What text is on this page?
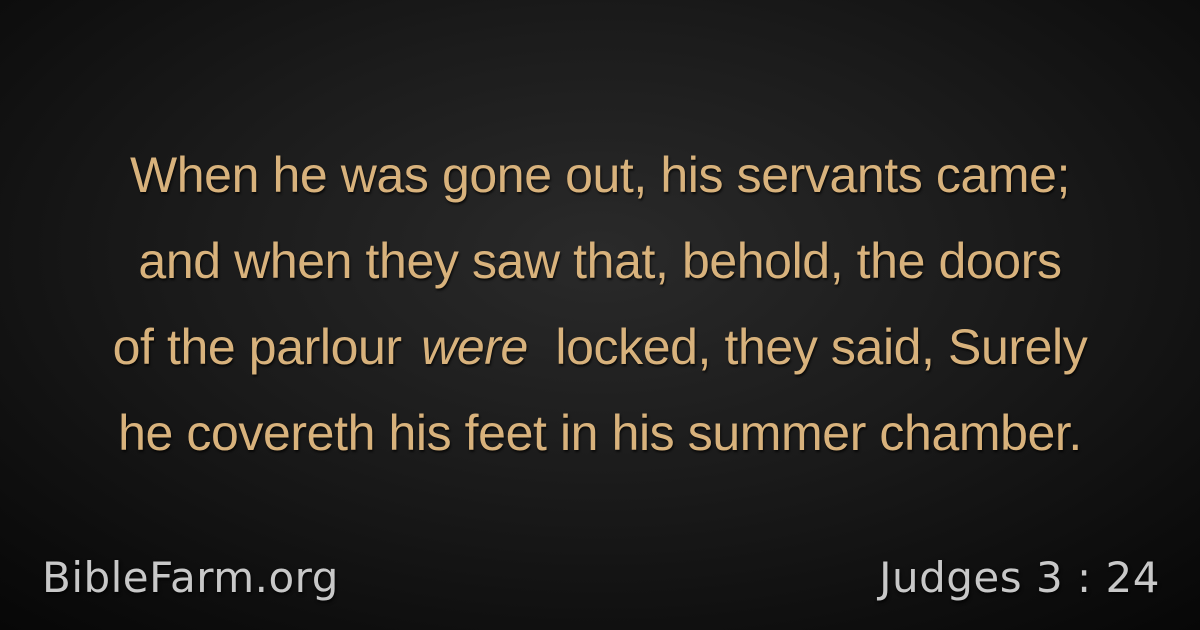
When he was gone out, his servants came;
and when they saw that, behold, the doors
of the parlour were locked, they said, Surely
he covereth his feet in his summer chamber.
BibleFarm.org	Judges 3 : 24
